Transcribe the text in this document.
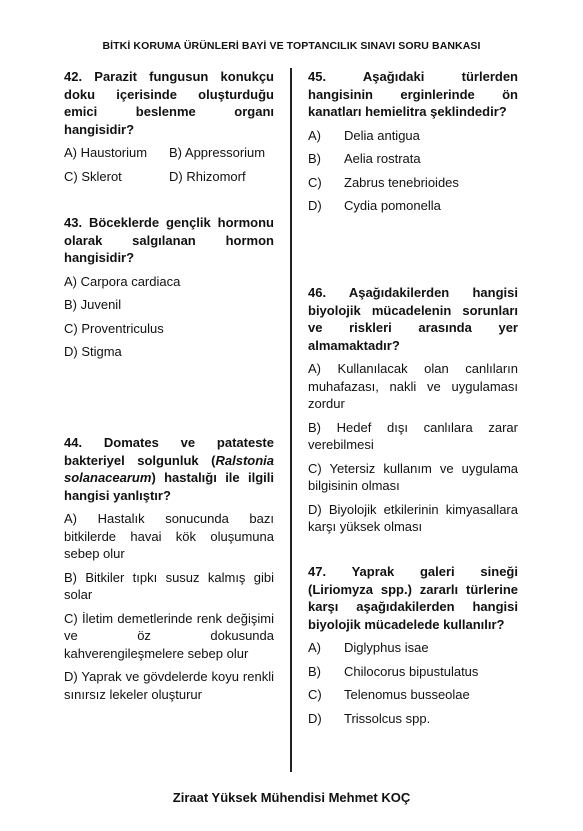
BİTKİ KORUMA ÜRÜNLERİ BAYİ VE TOPTANCILIK SINAVI SORU BANKASI
42. Parazit fungusun konukçu doku içerisinde oluşturduğu emici beslenme organı hangisidir?
A) Haustorium	B) Appressorium
C) Sklerot	D) Rhizomorf
43. Böceklerde gençlik hormonu olarak salgılanan hormon hangisidir?
A) Carpora cardiaca
B) Juvenil
C) Proventriculus
D) Stigma
44. Domates ve patateste bakteriyel solgunluk (Ralstonia solanacearum) hastalığı ile ilgili hangisi yanlıştır?
A) Hastalık sonucunda bazı bitkilerde havai kök oluşumuna sebep olur
B) Bitkiler tıpkı susuz kalmış gibi solar
C) İletim demetlerinde renk değişimi ve öz dokusunda kahverengileşmelere sebep olur
D) Yaprak ve gövdelerde koyu renkli sınırsız lekeler oluşturur
45. Aşağıdaki türlerden hangisinin erginlerinde ön kanatları hemielitra şeklindedir?
A) Delia antigua
B) Aelia rostrata
C) Zabrus tenebrioides
D) Cydia pomonella
46. Aşağıdakilerden hangisi biyolojik mücadelenin sorunları ve riskleri arasında yer almamaktadır?
A) Kullanılacak olan canlıların muhafazası, nakli ve uygulaması zordur
B) Hedef dışı canlılara zarar verebilmesi
C) Yetersiz kullanım ve uygulama bilgisinin olması
D) Biyolojik etkilerinin kimyasallara karşı yüksek olması
47. Yaprak galeri sineği (Liriomyza spp.) zararlı türlerine karşı aşağıdakilerden hangisi biyolojik mücadelede kullanılır?
A) Diglyphus isae
B) Chilocorus bipustulatus
C) Telenomus busseolae
D) Trissolcus spp.
Ziraat Yüksek Mühendisi Mehmet KOÇ
